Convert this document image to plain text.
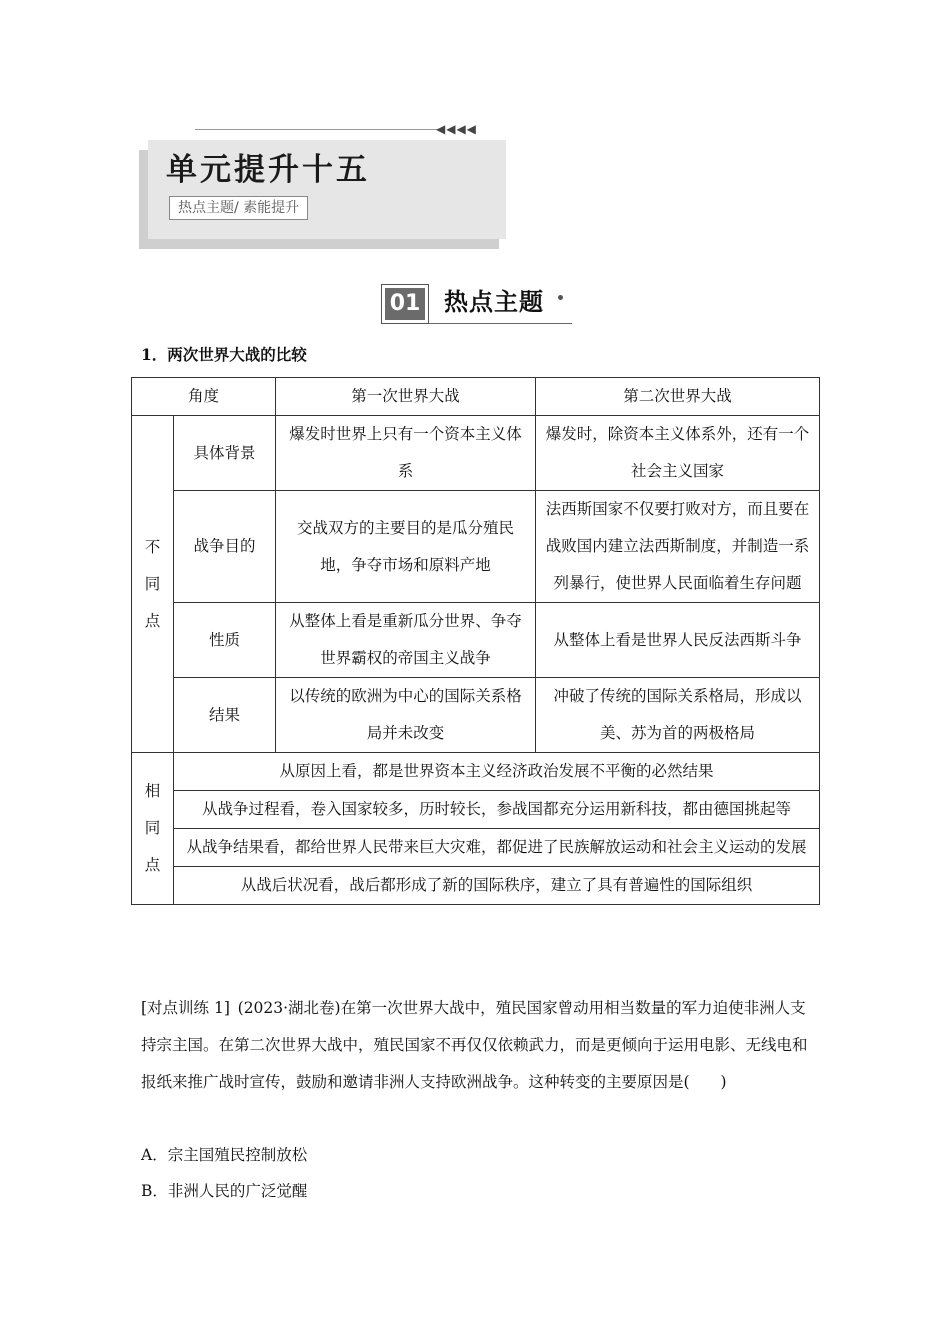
◀◀◀◀
单元提升十五
热点主题/ 素能提升
01 热点主题
1．两次世界大战的比较
角度		第一次世界大战	第二次世界大战

不
同
点	具体背景	爆发时世界上只有一个资本主义体系	爆发时，除资本主义体系外，还有一个社会主义国家
	战争目的	交战双方的主要目的是瓜分殖民地，争夺市场和原料产地	法西斯国家不仅要打败对方，而且要在战败国内建立法西斯制度，并制造一系列暴行，使世界人民面临着生存问题
	性质	从整体上看是重新瓜分世界、争夺世界霸权的帝国主义战争	从整体上看是世界人民反法西斯斗争
	结果	以传统的欧洲为中心的国际关系格局并未改变	冲破了传统的国际关系格局，形成以美、苏为首的两极格局

相
同
点	从原因上看，都是世界资本主义经济政治发展不平衡的必然结果		
	从战争过程看，卷入国家较多，历时较长，参战国都充分运用新科技，都由德国挑起等		
	从战争结果看，都给世界人民带来巨大灾难，都促进了民族解放运动和社会主义运动的发展		
	从战后状况看，战后都形成了新的国际秩序，建立了具有普遍性的国际组织		
[对点训练 1]  (2023·湖北卷)在第一次世界大战中，殖民国家曾动用相当数量的军力迫使非洲人支持宗主国。在第二次世界大战中，殖民国家不再仅仅依赖武力，而是更倾向于运用电影、无线电和报纸来推广战时宣传，鼓励和邀请非洲人支持欧洲战争。这种转变的主要原因是(　　)
A．宗主国殖民控制放松
B．非洲人民的广泛觉醒
